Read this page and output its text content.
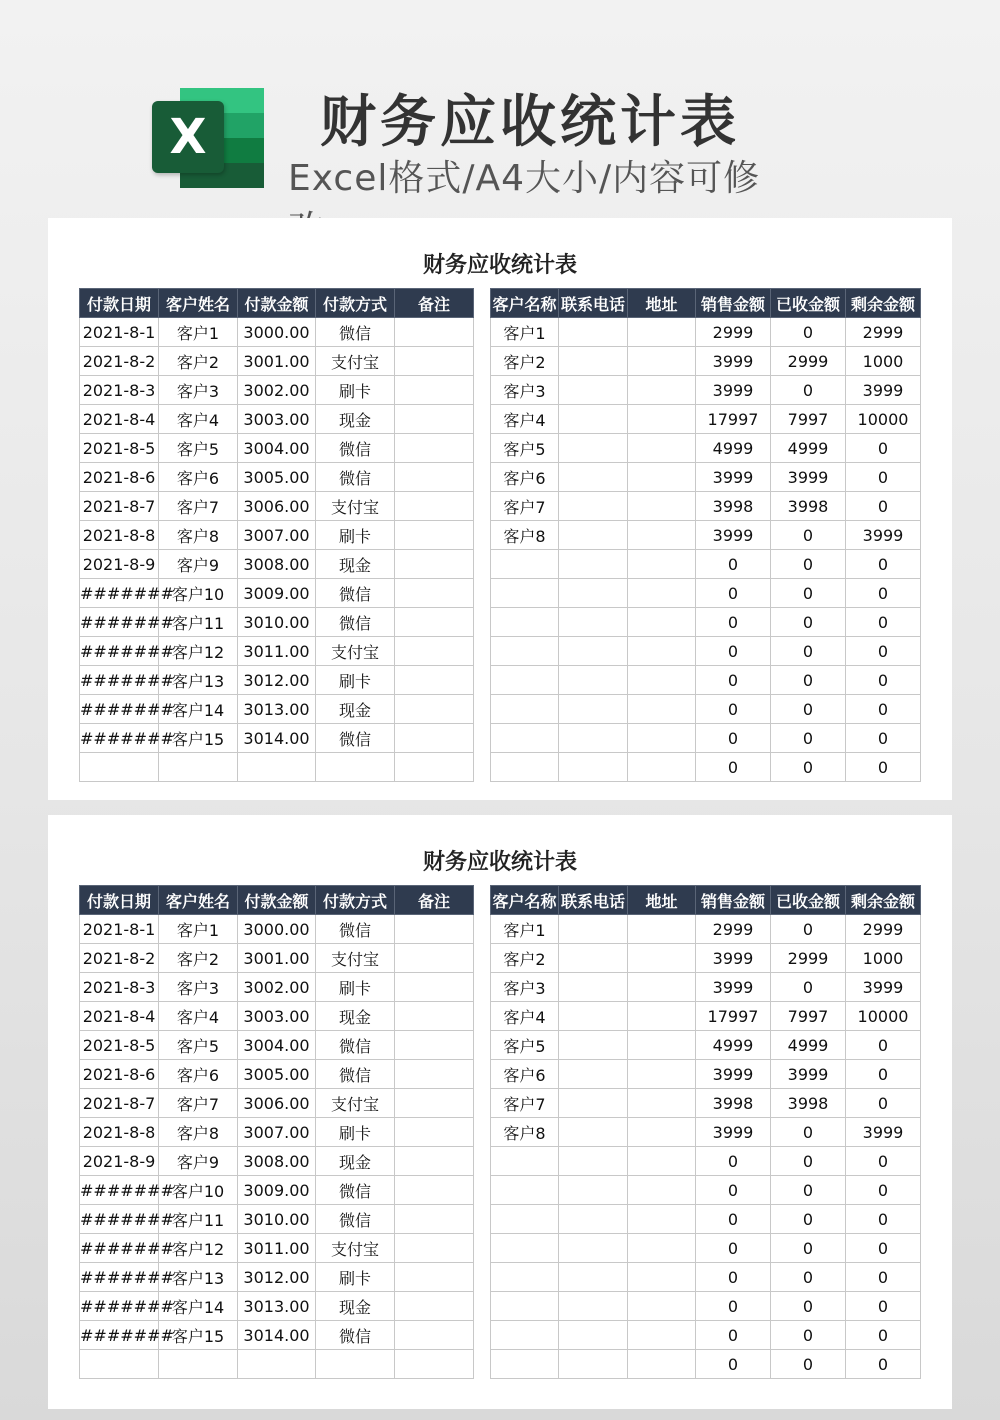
X	财务应收统计表
Excel格式/A4大小/内容可修
财务应收统计表
付款日期	客户姓名	付款金额	付款方式	备注
2021-8-1	客户1	3000.00	微信	
2021-8-2	客户2	3001.00	支付宝	
2021-8-3	客户3	3002.00	刷卡	
2021-8-4	客户4	3003.00	现金	
2021-8-5	客户5	3004.00	微信	
2021-8-6	客户6	3005.00	微信	
2021-8-7	客户7	3006.00	支付宝	
2021-8-8	客户8	3007.00	刷卡	
2021-8-9	客户9	3008.00	现金	
#######	客户10	3009.00	微信	
#######	客户11	3010.00	微信	
#######	客户12	3011.00	支付宝	
#######	客户13	3012.00	刷卡	
#######	客户14	3013.00	现金	
#######	客户15	3014.00	微信	

客户名称	联系电话	地址	销售金额	已收金额	剩余金额
客户1			2999	0	2999
客户2			3999	2999	1000
客户3			3999	0	3999
客户4			17997	7997	10000
客户5			4999	4999	0
客户6			3999	3999	0
客户7			3998	3998	0
客户8			3999	0	3999
			0	0	0
			0	0	0
			0	0	0
			0	0	0
			0	0	0
			0	0	0
			0	0	0
			0	0	0
财务应收统计表
付款日期	客户姓名	付款金额	付款方式	备注
2021-8-1	客户1	3000.00	微信	
2021-8-2	客户2	3001.00	支付宝	
2021-8-3	客户3	3002.00	刷卡	
2021-8-4	客户4	3003.00	现金	
2021-8-5	客户5	3004.00	微信	
2021-8-6	客户6	3005.00	微信	
2021-8-7	客户7	3006.00	支付宝	
2021-8-8	客户8	3007.00	刷卡	
2021-8-9	客户9	3008.00	现金	
#######	客户10	3009.00	微信	
#######	客户11	3010.00	微信	
#######	客户12	3011.00	支付宝	
#######	客户13	3012.00	刷卡	
#######	客户14	3013.00	现金	
#######	客户15	3014.00	微信	

客户名称	联系电话	地址	销售金额	已收金额	剩余金额
客户1			2999	0	2999
客户2			3999	2999	1000
客户3			3999	0	3999
客户4			17997	7997	10000
客户5			4999	4999	0
客户6			3999	3999	0
客户7			3998	3998	0
客户8			3999	0	3999
			0	0	0
			0	0	0
			0	0	0
			0	0	0
			0	0	0
			0	0	0
			0	0	0
			0	0	0
